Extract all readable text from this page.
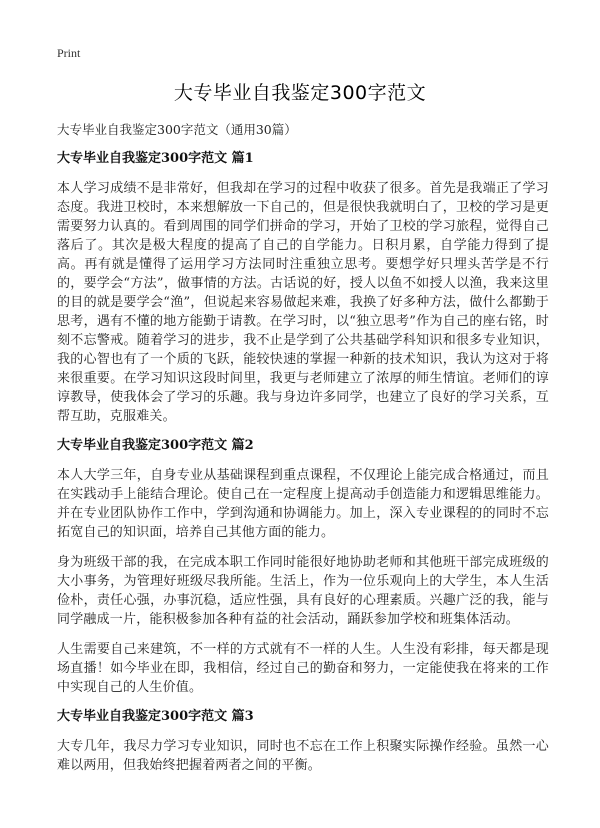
Print
大专毕业自我鉴定300字范文

大专毕业自我鉴定300字范文（通用30篇）

大专毕业自我鉴定300字范文 篇1

本人学习成绩不是非常好，但我却在学习的过程中收获了很多。首先是我端正了学习态度。我进卫校时，本来想解放一下自己的，但是很快我就明白了，卫校的学习是更需要努力认真的。看到周围的同学们拼命的学习，开始了卫校的学习旅程，觉得自己落后了。其次是极大程度的提高了自己的自学能力。日积月累，自学能力得到了提高。再有就是懂得了运用学习方法同时注重独立思考。要想学好只埋头苦学是不行的，要学会“方法”，做事情的方法。古话说的好，授人以鱼不如授人以渔，我来这里的目的就是要学会“渔”，但说起来容易做起来难，我换了好多种方法，做什么都勤于思考，遇有不懂的地方能勤于请教。在学习时，以“独立思考”作为自己的座右铭，时刻不忘警戒。随着学习的进步，我不止是学到了公共基础学科知识和很多专业知识，我的心智也有了一个质的飞跃，能较快速的掌握一种新的技术知识，我认为这对于将来很重要。在学习知识这段时间里，我更与老师建立了浓厚的师生情谊。老师们的谆谆教导，使我体会了学习的乐趣。我与身边许多同学，也建立了良好的学习关系，互帮互助，克服难关。

大专毕业自我鉴定300字范文 篇2

本人大学三年，自身专业从基础课程到重点课程，不仅理论上能完成合格通过，而且在实践动手上能结合理论。使自己在一定程度上提高动手创造能力和逻辑思维能力。并在专业团队协作工作中，学到沟通和协调能力。加上，深入专业课程的的同时不忘拓宽自己的知识面，培养自己其他方面的能力。

身为班级干部的我，在完成本职工作同时能很好地协助老师和其他班干部完成班级的大小事务，为管理好班级尽我所能。生活上，作为一位乐观向上的大学生，本人生活俭朴，责任心强，办事沉稳，适应性强，具有良好的心理素质。兴趣广泛的我，能与同学融成一片，能积极参加各种有益的社会活动，踊跃参加学校和班集体活动。

人生需要自己来建筑，不一样的方式就有不一样的人生。人生没有彩排，每天都是现场直播！如今毕业在即，我相信，经过自己的勤奋和努力，一定能使我在将来的工作中实现自己的人生价值。

大专毕业自我鉴定300字范文 篇3

大专几年，我尽力学习专业知识，同时也不忘在工作上积聚实际操作经验。虽然一心难以两用，但我始终把握着两者之间的平衡。
